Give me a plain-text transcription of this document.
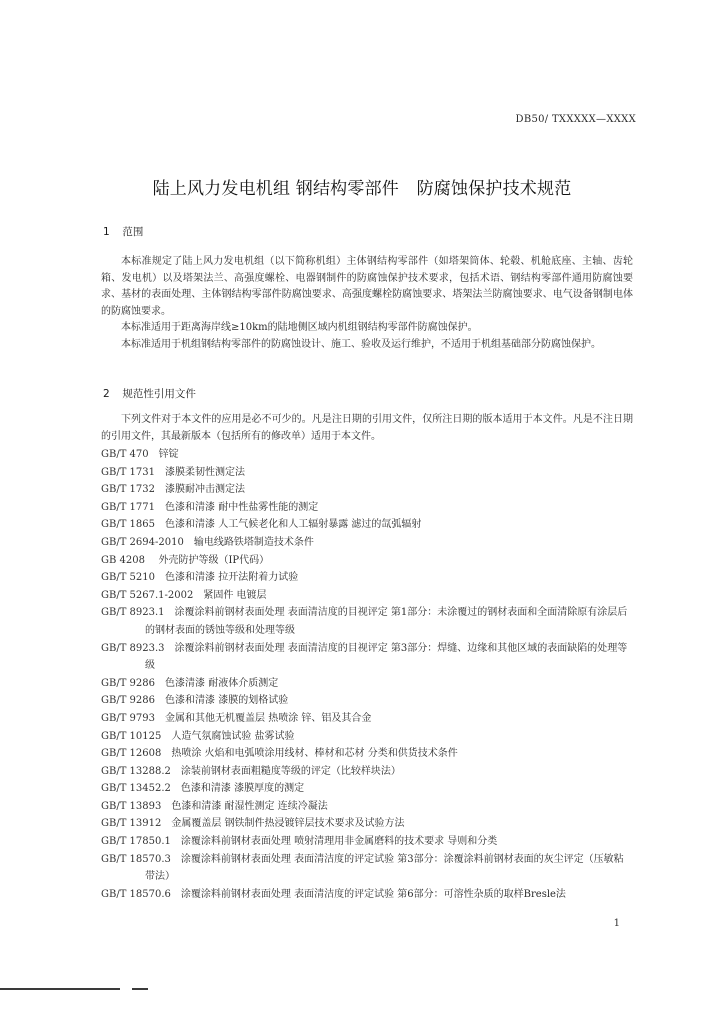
DB50/ TXXXXX—XXXX
陆上风力发电机组 钢结构零部件 防腐蚀保护技术规范
1 范围

本标准规定了陆上风力发电机组（以下简称机组）主体钢结构零部件（如塔架筒体、轮毂、机舱底座、主轴、齿轮箱、发电机）以及塔架法兰、高强度螺栓、电器钢制件的防腐蚀保护技术要求，包括术语、钢结构零部件通用防腐蚀要求、基材的表面处理、主体钢结构零部件防腐蚀要求、高强度螺栓防腐蚀要求、塔架法兰防腐蚀要求、电气设备钢制电体的防腐蚀要求。

本标准适用于距离海岸线≥10km的陆地侧区域内机组钢结构零部件防腐蚀保护。

本标准适用于机组钢结构零部件的防腐蚀设计、施工、验收及运行维护，不适用于机组基础部分防腐蚀保护。

2 规范性引用文件

下列文件对于本文件的应用是必不可少的。凡是注日期的引用文件，仅所注日期的版本适用于本文件。凡是不注日期的引用文件，其最新版本（包括所有的修改单）适用于本文件。

GB/T 470 锌锭
GB/T 1731 漆膜柔韧性测定法
GB/T 1732 漆膜耐冲击测定法
GB/T 1771 色漆和清漆 耐中性盐雾性能的测定
GB/T 1865 色漆和清漆 人工气候老化和人工辐射暴露 滤过的氙弧辐射
GB/T 2694-2010 输电线路铁塔制造技术条件
GB 4208 外壳防护等级（IP代码）
GB/T 5210 色漆和清漆 拉开法附着力试验
GB/T 5267.1-2002 紧固件 电镀层
GB/T 8923.1 涂覆涂料前钢材表面处理 表面清洁度的目视评定 第1部分：未涂覆过的钢材表面和全面清除原有涂层后的钢材表面的锈蚀等级和处理等级
GB/T 8923.3 涂覆涂料前钢材表面处理 表面清洁度的目视评定 第3部分：焊缝、边缘和其他区域的表面缺陷的处理等级
GB/T 9286 色漆清漆 耐液体介质测定
GB/T 9286 色漆和清漆 漆膜的划格试验
GB/T 9793 金属和其他无机覆盖层 热喷涂 锌、铝及其合金
GB/T 10125 人造气氛腐蚀试验 盐雾试验
GB/T 12608 热喷涂 火焰和电弧喷涂用线材、棒材和芯材 分类和供货技术条件
GB/T 13288.2 涂装前钢材表面粗糙度等级的评定（比较样块法）
GB/T 13452.2 色漆和清漆 漆膜厚度的测定
GB/T 13893 色漆和清漆 耐湿性测定 连续冷凝法
GB/T 13912 金属覆盖层 钢铁制件热浸镀锌层技术要求及试验方法
GB/T 17850.1 涂覆涂料前钢材表面处理 喷射清理用非金属磨料的技术要求 导则和分类
GB/T 18570.3 涂覆涂料前钢材表面处理 表面清洁度的评定试验 第3部分：涂覆涂料前钢材表面的灰尘评定（压敏粘带法）
GB/T 18570.6 涂覆涂料前钢材表面处理 表面清洁度的评定试验 第6部分：可溶性杂质的取样Bresle法
1
